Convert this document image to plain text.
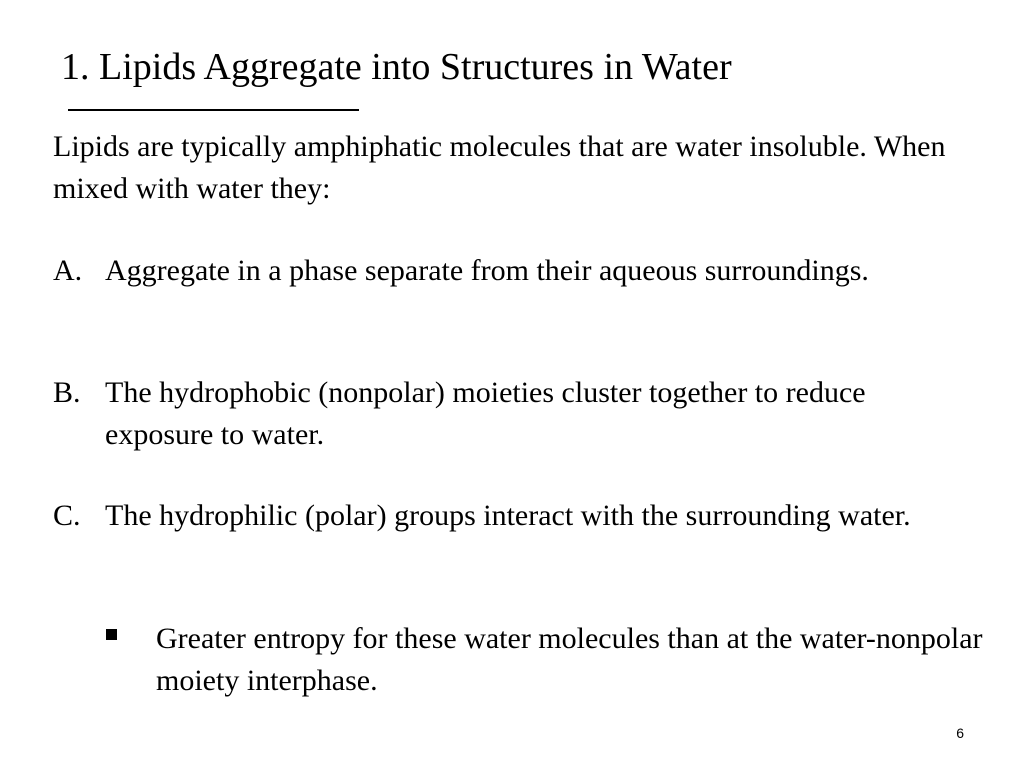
1. Lipids Aggregate into Structures in Water
Lipids are typically amphiphatic molecules that are water insoluble. When mixed with water they:
A. Aggregate in a phase separate from their aqueous surroundings.
B. The hydrophobic (nonpolar) moieties cluster together to reduce exposure to water.
C. The hydrophilic (polar) groups interact with the surrounding water.
Greater entropy for these water molecules than at the water-nonpolar moiety interphase.
6
